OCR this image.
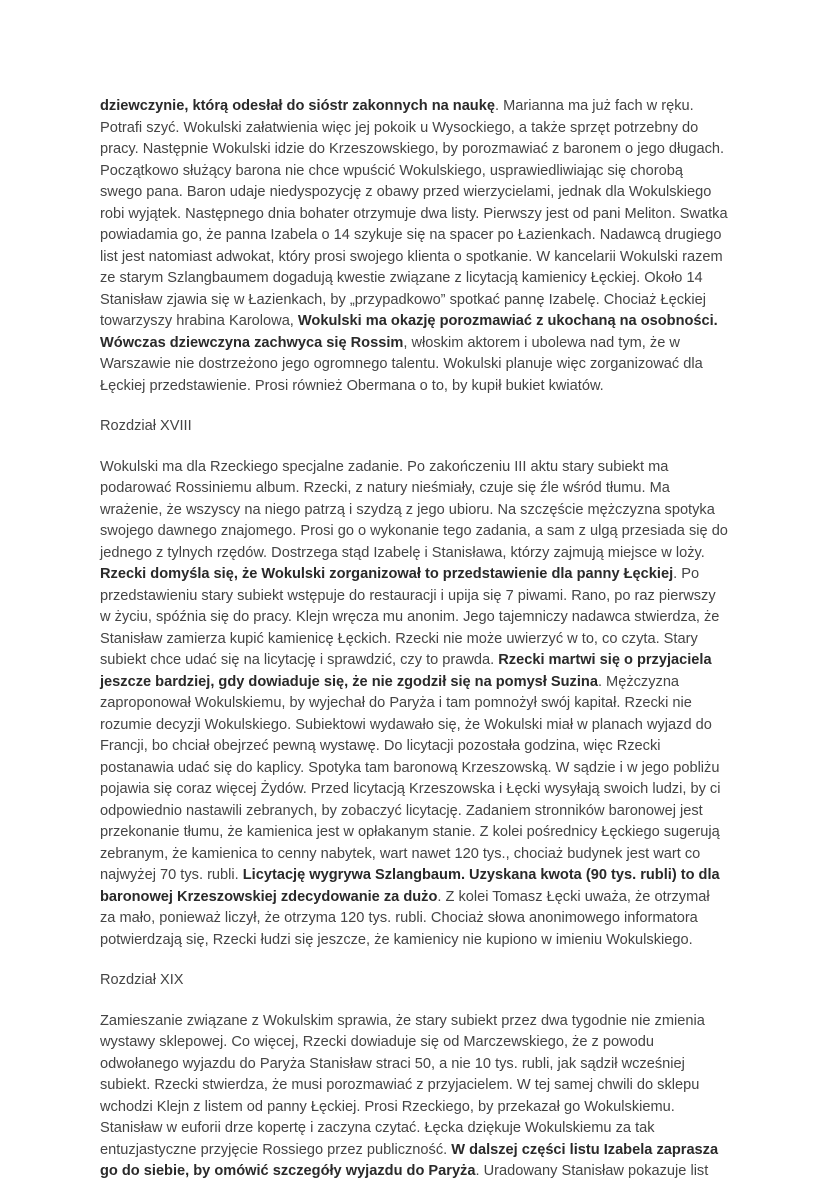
dziewczynie, którą odesłał do sióstr zakonnych na naukę. Marianna ma już fach w ręku. Potrafi szyć. Wokulski załatwienia więc jej pokoik u Wysockiego, a także sprzęt potrzebny do pracy. Następnie Wokulski idzie do Krzeszowskiego, by porozmawiać z baronem o jego długach. Początkowo służący barona nie chce wpuścić Wokulskiego, usprawiedliwiając się chorobą swego pana. Baron udaje niedyspozycję z obawy przed wierzycielami, jednak dla Wokulskiego robi wyjątek. Następnego dnia bohater otrzymuje dwa listy. Pierwszy jest od pani Meliton. Swatka powiadamia go, że panna Izabela o 14 szykuje się na spacer po Łazienkach. Nadawcą drugiego list jest natomiast adwokat, który prosi swojego klienta o spotkanie. W kancelarii Wokulski razem ze starym Szlangbaumem dogadują kwestie związane z licytacją kamienicy Łęckiej. Około 14 Stanisław zjawia się w Łazienkach, by „przypadkowo” spotkać pannę Izabelę. Chociaż Łęckiej towarzyszy hrabina Karolowa, Wokulski ma okazję porozmawiać z ukochaną na osobności. Wówczas dziewczyna zachwyca się Rossim, włoskim aktorem i ubolewa nad tym, że w Warszawie nie dostrzeżono jego ogromnego talentu. Wokulski planuje więc zorganizować dla Łęckiej przedstawienie. Prosi również Obermana o to, by kupił bukiet kwiatów.

Rozdział XVIII

Wokulski ma dla Rzeckiego specjalne zadanie. Po zakończeniu III aktu stary subiekt ma podarować Rossiniemu album. Rzecki, z natury nieśmiały, czuje się źle wśród tłumu. Ma wrażenie, że wszyscy na niego patrzą i szydzą z jego ubioru. Na szczęście mężczyzna spotyka swojego dawnego znajomego. Prosi go o wykonanie tego zadania, a sam z ulgą przesiada się do jednego z tylnych rzędów. Dostrzega stąd Izabelę i Stanisława, którzy zajmują miejsce w loży. Rzecki domyśla się, że Wokulski zorganizował to przedstawienie dla panny Łęckiej. Po przedstawieniu stary subiekt wstępuje do restauracji i upija się 7 piwami. Rano, po raz pierwszy w życiu, spóźnia się do pracy. Klejn wręcza mu anonim. Jego tajemniczy nadawca stwierdza, że Stanisław zamierza kupić kamienicę Łęckich. Rzecki nie może uwierzyć w to, co czyta. Stary subiekt chce udać się na licytację i sprawdzić, czy to prawda. Rzecki martwi się o przyjaciela jeszcze bardziej, gdy dowiaduje się, że nie zgodził się na pomysł Suzina. Mężczyzna zaproponował Wokulskiemu, by wyjechał do Paryża i tam pomnożył swój kapitał. Rzecki nie rozumie decyzji Wokulskiego. Subiektowi wydawało się, że Wokulski miał w planach wyjazd do Francji, bo chciał obejrzeć pewną wystawę. Do licytacji pozostała godzina, więc Rzecki postanawia udać się do kaplicy. Spotyka tam baronową Krzeszowską. W sądzie i w jego pobliżu pojawia się coraz więcej Żydów. Przed licytacją Krzeszowska i Łęcki wysyłają swoich ludzi, by ci odpowiednio nastawili zebranych, by zobaczyć licytację. Zadaniem stronników baronowej jest przekonanie tłumu, że kamienica jest w opłakanym stanie. Z kolei pośrednicy Łęckiego sugerują zebranym, że kamienica to cenny nabytek, wart nawet 120 tys., chociaż budynek jest wart co najwyżej 70 tys. rubli. Licytację wygrywa Szlangbaum. Uzyskana kwota (90 tys. rubli) to dla baronowej Krzeszowskiej zdecydowanie za dużo. Z kolei Tomasz Łęcki uważa, że otrzymał za mało, ponieważ liczył, że otrzyma 120 tys. rubli. Chociaż słowa anonimowego informatora potwierdzają się, Rzecki łudzi się jeszcze, że kamienicy nie kupiono w imieniu Wokulskiego.

Rozdział XIX

Zamieszanie związane z Wokulskim sprawia, że stary subiekt przez dwa tygodnie nie zmienia wystawy sklepowej. Co więcej, Rzecki dowiaduje się od Marczewskiego, że z powodu odwołanego wyjazdu do Paryża Stanisław straci 50, a nie 10 tys. rubli, jak sądził wcześniej subiekt. Rzecki stwierdza, że musi porozmawiać z przyjacielem. W tej samej chwili do sklepu wchodzi Klejn z listem od panny Łęckiej. Prosi Rzeckiego, by przekazał go Wokulskiemu. Stanisław w euforii drze kopertę i zaczyna czytać. Łęcka dziękuje Wokulskiemu za tak entuzjastyczne przyjęcie Rossiego przez publiczność. W dalszej części listu Izabela zaprasza go do siebie, by omówić szczegóły wyjazdu do Paryża. Uradowany Stanisław pokazuje list
